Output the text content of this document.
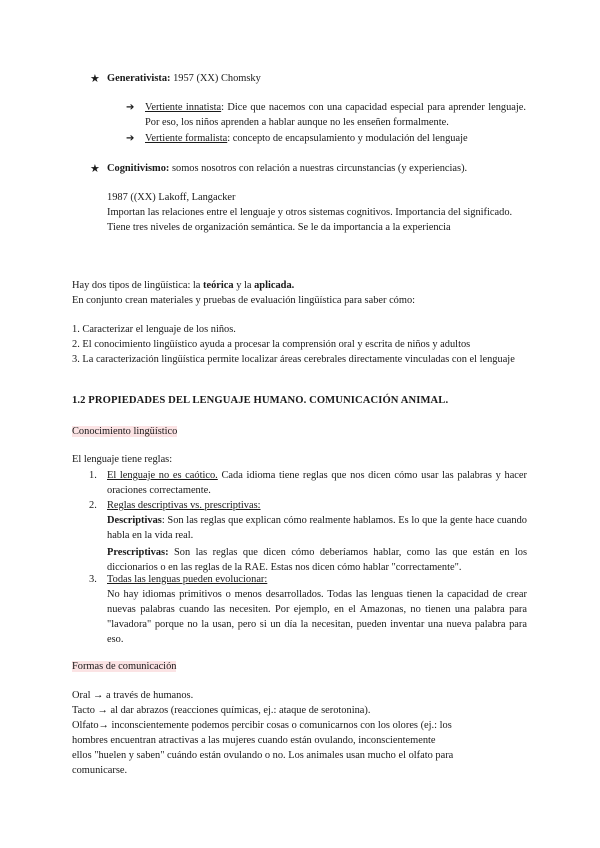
★ Generativista: 1957 (XX) Chomsky
➔ Vertiente innatista: Dice que nacemos con una capacidad especial para aprender lenguaje. Por eso, los niños aprenden a hablar aunque no les enseñen formalmente.
➔ Vertiente formalista: concepto de encapsulamiento y modulación del lenguaje
★ Cognitivismo: somos nosotros con relación a nuestras circunstancias (y experiencias).
1987 ((XX) Lakoff, Langacker
Importan las relaciones entre el lenguaje y otros sistemas cognitivos. Importancia del significado.
Tiene tres niveles de organización semántica. Se le da importancia a la experiencia
Hay dos tipos de lingüística: la teórica y la aplicada.
En conjunto crean materiales y pruebas de evaluación lingüística para saber cómo:
1. Caracterizar el lenguaje de los niños.
2. El conocimiento lingüístico ayuda a procesar la comprensión oral y escrita de niños y adultos
3. La caracterización lingüística permite localizar áreas cerebrales directamente vinculadas con el lenguaje
1.2 PROPIEDADES DEL LENGUAJE HUMANO. COMUNICACIÓN ANIMAL.
Conocimiento lingüístico
El lenguaje tiene reglas:
1. El lenguaje no es caótico. Cada idioma tiene reglas que nos dicen cómo usar las palabras y hacer oraciones correctamente.
2. Reglas descriptivas vs. prescriptivas:
Descriptivas: Son las reglas que explican cómo realmente hablamos. Es lo que la gente hace cuando habla en la vida real.
Prescriptivas: Son las reglas que dicen cómo deberíamos hablar, como las que están en los diccionarios o en las reglas de la RAE. Estas nos dicen cómo hablar "correctamente".
3. Todas las lenguas pueden evolucionar:
No hay idiomas primitivos o menos desarrollados. Todas las lenguas tienen la capacidad de crear nuevas palabras cuando las necesiten. Por ejemplo, en el Amazonas, no tienen una palabra para "lavadora" porque no la usan, pero si un día la necesitan, pueden inventar una nueva palabra para eso.
Formas de comunicación
Oral → a través de humanos.
Tacto → al dar abrazos (reacciones químicas, ej.: ataque de serotonina).
Olfato→ inconscientemente podemos percibir cosas o comunicarnos con los olores (ej.: los
hombres encuentran atractivas a las mujeres cuando están ovulando, inconscientemente
ellos "huelen y saben" cuándo están ovulando o no. Los animales usan mucho el olfato para
comunicarse.
